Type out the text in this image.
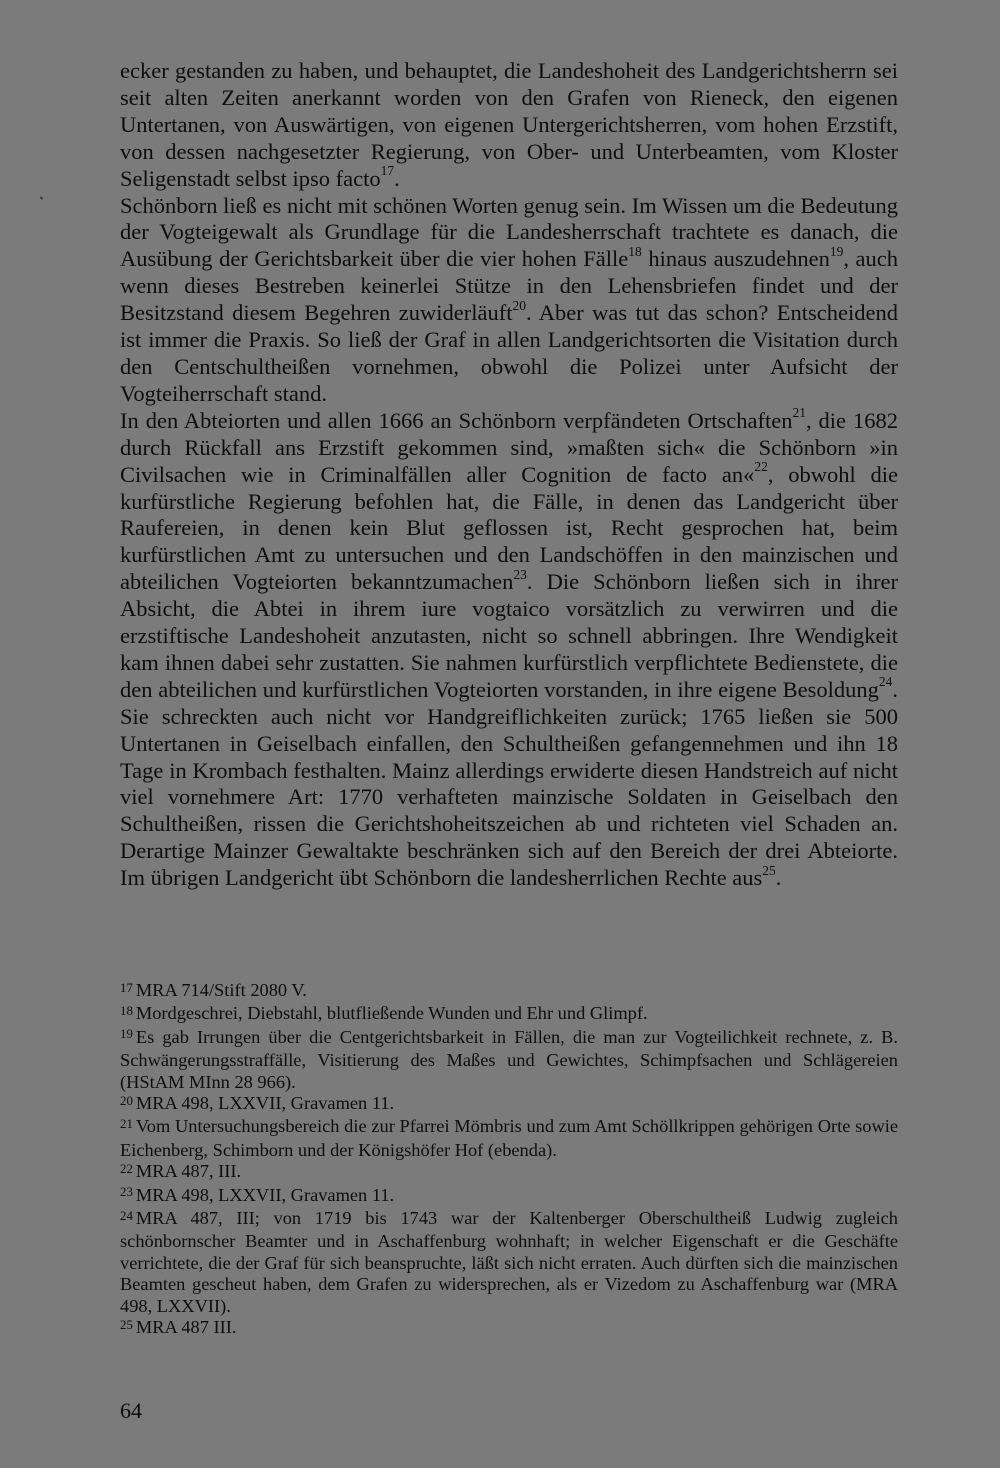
ecker gestanden zu haben, und behauptet, die Landeshoheit des Landgerichtsherrn sei seit alten Zeiten anerkannt worden von den Grafen von Rieneck, den eigenen Untertanen, von Auswärtigen, von eigenen Untergerichtsherren, vom hohen Erzstift, von dessen nachgesetzter Regierung, von Ober- und Unterbeamten, vom Kloster Seligenstadt selbst ipso facto$^{17}$.

Schönborn ließ es nicht mit schönen Worten genug sein. Im Wissen um die Bedeutung der Vogteigewalt als Grundlage für die Landesherrschaft trachtete es danach, die Ausübung der Gerichtsbarkeit über die vier hohen Fälle$^{18}$ hinaus auszudehnen$^{19}$, auch wenn dieses Bestreben keinerlei Stütze in den Lehensbriefen findet und der Besitzstand diesem Begehren zuwiderläuft$^{20}$. Aber was tut das schon? Entscheidend ist immer die Praxis. So ließ der Graf in allen Landgerichtsorten die Visitation durch den Centschultheißen vornehmen, obwohl die Polizei unter Aufsicht der Vogteiherrschaft stand.

In den Abteiorten und allen 1666 an Schönborn verpfändeten Ortschaften$^{21}$, die 1682 durch Rückfall ans Erzstift gekommen sind, »maßten sich« die Schönborn »in Civilsachen wie in Criminalfällen aller Cognition de facto an«$^{22}$, obwohl die kurfürstliche Regierung befohlen hat, die Fälle, in denen das Landgericht über Raufereien, in denen kein Blut geflossen ist, Recht gesprochen hat, beim kurfürstlichen Amt zu untersuchen und den Landschöffen in den mainzischen und abteilichen Vogteiorten bekanntzumachen$^{23}$. Die Schönborn ließen sich in ihrer Absicht, die Abtei in ihrem iure vogtaico vorsätzlich zu verwirren und die erzstiftische Landeshoheit anzutasten, nicht so schnell abbringen. Ihre Wendigkeit kam ihnen dabei sehr zustatten. Sie nahmen kurfürstlich verpflichtete Bedienstete, die den abteilichen und kurfürstlichen Vogteiorten vorstanden, in ihre eigene Besoldung$^{24}$. Sie schreckten auch nicht vor Handgreiflichkeiten zurück; 1765 ließen sie 500 Untertanen in Geiselbach einfallen, den Schultheißen gefangennehmen und ihn 18 Tage in Krombach festhalten. Mainz allerdings erwiderte diesen Handstreich auf nicht viel vornehmere Art: 1770 verhafteten mainzische Soldaten in Geiselbach den Schultheißen, rissen die Gerichtshoheitszeichen ab und richteten viel Schaden an. Derartige Mainzer Gewaltakte beschränken sich auf den Bereich der drei Abteiorte. Im übrigen Landgericht übt Schönborn die landesherrlichen Rechte aus$^{25}$.

$^{17}$ MRA 714/Stift 2080 V.

$^{18}$ Mordgeschrei, Diebstahl, blutfließende Wunden und Ehr und Glimpf.

$^{19}$ Es gab Irrungen über die Centgerichtsbarkeit in Fällen, die man zur Vogteilichkeit rechnete, z. B. Schwängerungsstraffälle, Visitierung des Maßes und Gewichtes, Schimpfsachen und Schlägereien (HStAM MInn 28 966).

$^{20}$ MRA 498, LXXVII, Gravamen 11.

$^{21}$ Vom Untersuchungsbereich die zur Pfarrei Mömbris und zum Amt Schöllkrippen gehörigen Orte sowie Eichenberg, Schimborn und der Königshöfer Hof (ebenda).

$^{22}$ MRA 487, III.

$^{23}$ MRA 498, LXXVII, Gravamen 11.

$^{24}$ MRA 487, III; von 1719 bis 1743 war der Kaltenberger Oberschultheiß Ludwig zugleich schönbornscher Beamter und in Aschaffenburg wohnhaft; in welcher Eigenschaft er die Geschäfte verrichtete, die der Graf für sich beanspruchte, läßt sich nicht erraten. Auch dürften sich die mainzischen Beamten gescheut haben, dem Grafen zu widersprechen, als er Vizedom zu Aschaffenburg war (MRA 498, LXXVII).

$^{25}$ MRA 487 III.

64
